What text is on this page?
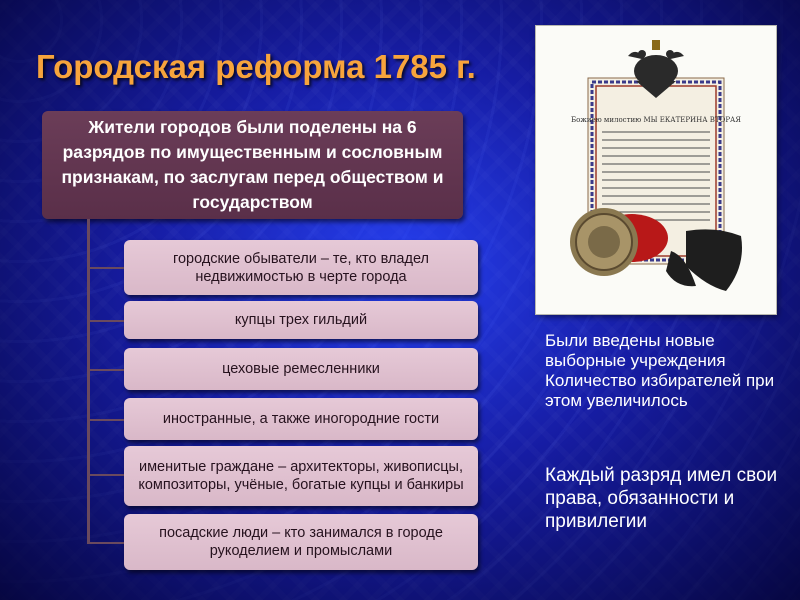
Городская реформа 1785 г.
Жители городов были поделены на 6 разрядов по имущественным и сословным признакам, по заслугам перед обществом и государством
городские обыватели – те, кто владел недвижимостью в черте города
купцы трех гильдий
цеховые ремесленники
иностранные, а также иногородние гости
именитые граждане – архитекторы, живописцы, композиторы, учёные, богатые купцы и банкиры
посадские люди – кто занимался в городе рукоделием и промыслами
Божиею милостию МЫ ЕКАТЕРИНА ВТОРАЯ
Были введены новые выборные учреждения Количество избирателей при этом увеличилось
Каждый разряд имел свои права, обязанности и привилегии
